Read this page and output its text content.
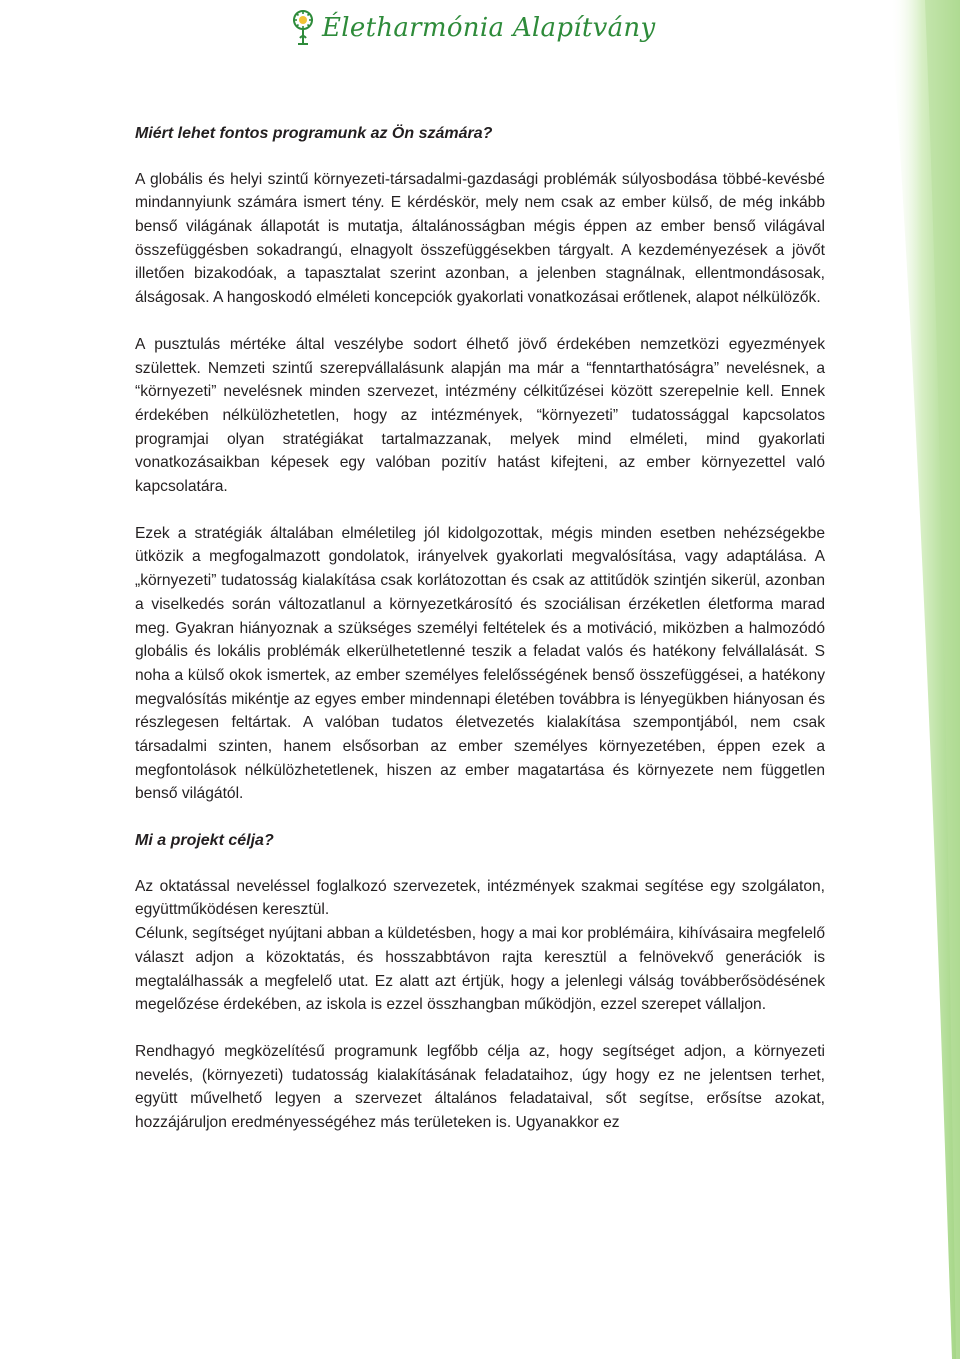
Életharmónia Alapítvány
Miért lehet fontos programunk az Ön számára?

A globális és helyi szintű környezeti-társadalmi-gazdasági problémák súlyosbodása többé-kevésbé mindannyiunk számára ismert tény. E kérdéskör, mely nem csak az ember külső, de még inkább benső világának állapotát is mutatja, általánosságban mégis éppen az ember benső világával összefüggésben sokadrangú, elnagyolt összefüggésekben tárgyalt. A kezdeményezések a jövőt illetően bizakodóak, a tapasztalat szerint azonban, a jelenben stagnálnak, ellentmondásosak, álságosak. A hangoskodó elméleti koncepciók gyakorlati vonatkozásai erőtlenek, alapot nélkülözők.

A pusztulás mértéke által veszélybe sodort élhető jövő érdekében nemzetközi egyezmények születtek. Nemzeti szintű szerepvállalásunk alapján ma már a “fenntarthatóságra” nevelésnek, a “környezeti” nevelésnek minden szervezet, intézmény célkitűzései között szerepelnie kell. Ennek érdekében nélkülözhetetlen, hogy az intézmények, “környezeti” tudatossággal kapcsolatos programjai olyan stratégiákat tartalmazzanak, melyek mind elméleti, mind gyakorlati vonatkozásaikban képesek egy valóban pozitív hatást kifejteni, az ember környezettel való kapcsolatára.

Ezek a stratégiák általában elméletileg jól kidolgozottak, mégis minden esetben nehézségekbe ütközik a megfogalmazott gondolatok, irányelvek gyakorlati megvalósítása, vagy adaptálása. A „környezeti” tudatosság kialakítása csak korlátozottan és csak az attitűdök szintjén sikerül, azonban a viselkedés során változatlanul a környezetkárosító és szociálisan érzéketlen életforma marad meg. Gyakran hiányoznak a szükséges személyi feltételek és a motiváció, miközben a halmozódó globális és lokális problémák elkerülhetetlenné teszik a feladat valós és hatékony felvállalását. S noha a külső okok ismertek, az ember személyes felelősségének benső összefüggései, a hatékony megvalósítás mikéntje az egyes ember mindennapi életében továbbra is lényegükben hiányosan és részlegesen feltártak. A valóban tudatos életvezetés kialakítása szempontjából, nem csak társadalmi szinten, hanem elsősorban az ember személyes környezetében, éppen ezek a megfontolások nélkülözhetetlenek, hiszen az ember magatartása és környezete nem független benső világától.

Mi a projekt célja?

Az oktatással neveléssel foglalkozó szervezetek, intézmények szakmai segítése egy szolgálaton, együttműködésen keresztül.

Célunk, segítséget nyújtani abban a küldetésben, hogy a mai kor problémáira, kihívásaira megfelelő választ adjon a közoktatás, és hosszabbtávon rajta keresztül a felnövekvő generációk is megtalálhassák a megfelelő utat. Ez alatt azt értjük, hogy a jelenlegi válság továbberősödésének megelőzése érdekében, az iskola is ezzel összhangban működjön, ezzel szerepet vállaljon.

Rendhagyó megközelítésű programunk legfőbb célja az, hogy segítséget adjon, a környezeti nevelés, (környezeti) tudatosság kialakításának feladataihoz, úgy hogy ez ne jelentsen terhet, együtt művelhető legyen a szervezet általános feladataival, sőt segítse, erősítse azokat, hozzájáruljon eredményességéhez más területeken is. Ugyanakkor ez
